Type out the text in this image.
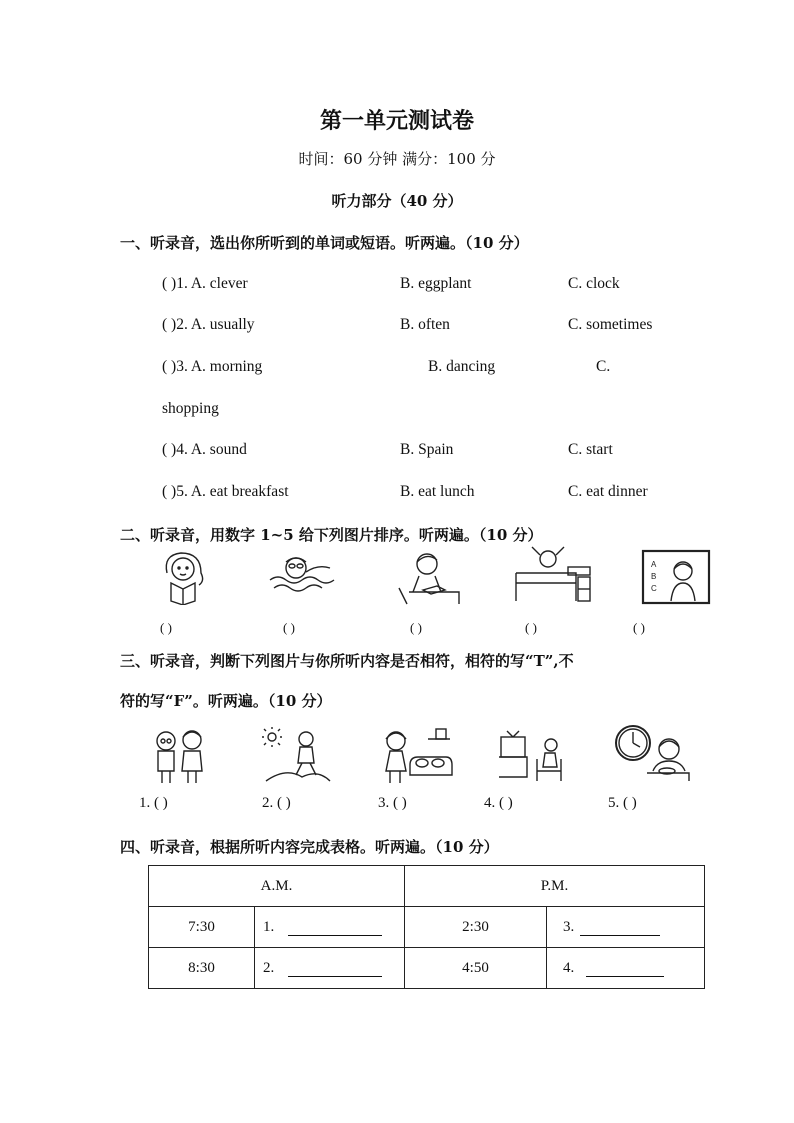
第一单元测试卷
时间：60 分钟 满分：100 分
听力部分（40 分）
一、听录音，选出你所听到的单词或短语。听两遍。（10 分）
( )1. A. clever	B. eggplant	C. clock
( )2. A. usually	B. often	C. sometimes
( )3. A. morning	B. dancing	C.
shopping
( )4. A. sound	B. Spain	C. start
( )5. A. eat breakfast	B. eat lunch	C. eat dinner
二、听录音，用数字 1~5 给下列图片排序。听两遍。（10 分）
A
B
C
( )	( )	( )	( )	( )
三、听录音，判断下列图片与你所听内容是否相符，相符的写“T”,不
符的写“F”。听两遍。（10 分）
1. ( )	2. ( )	3. ( )	4. ( )	5. ( )
四、听录音，根据所听内容完成表格。听两遍。（10 分）
A.M.		P.M.	
7:30	1.	2:30	3.
8:30	2.	4:50	4.
